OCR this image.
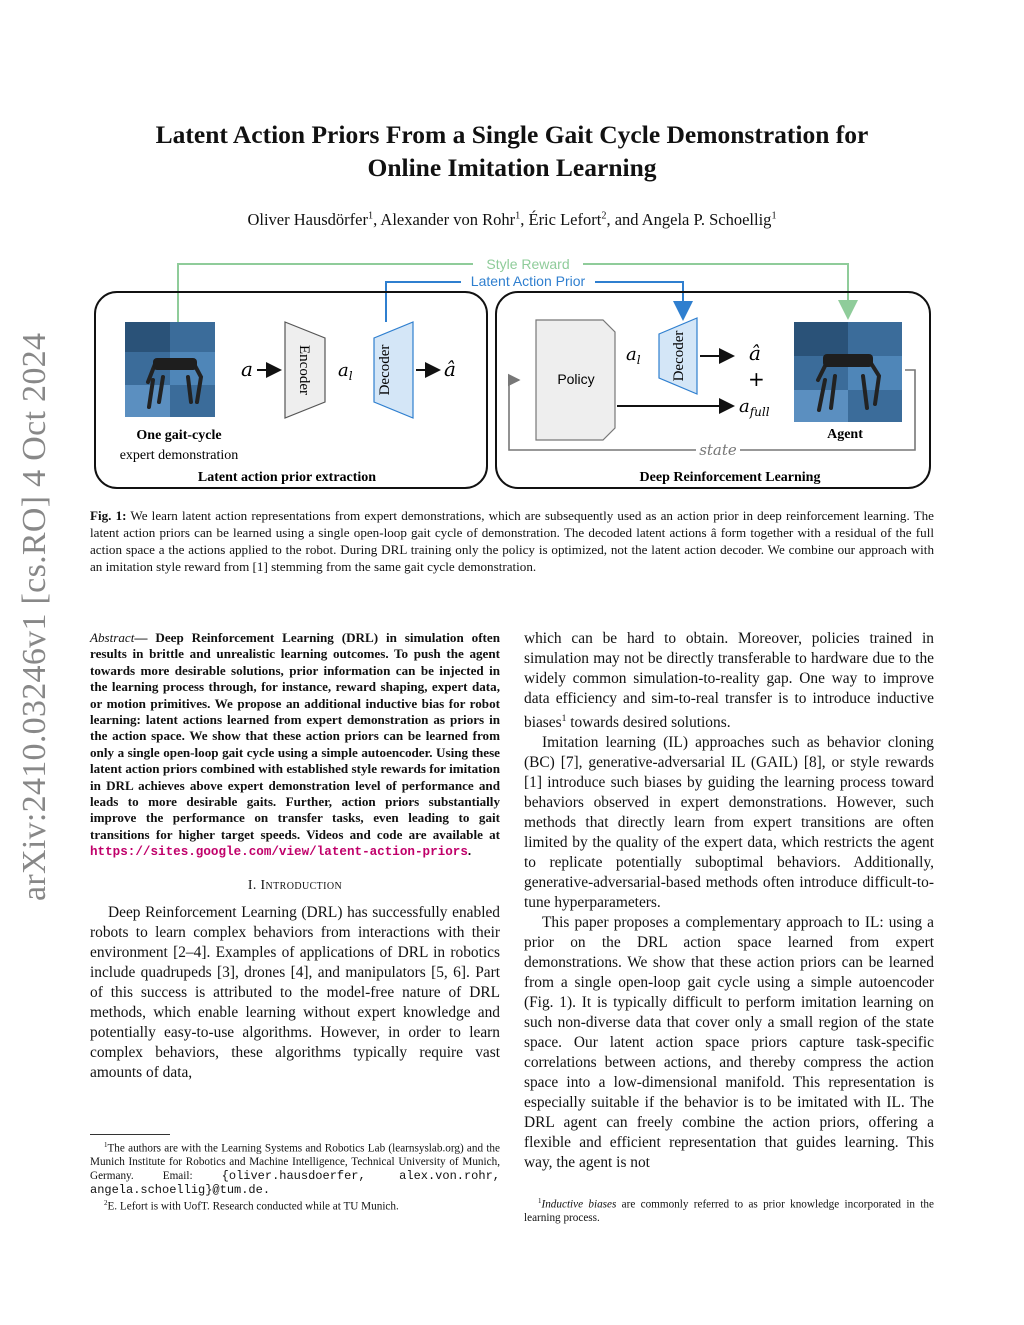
arXiv:2410.03246v1 [cs.RO] 4 Oct 2024
Latent Action Priors From a Single Gait Cycle Demonstration for
Online Imitation Learning
Oliver Hausdörfer$^1$, Alexander von Rohr$^1$, Éric Lefort$^2$, and Angela P. Schoellig$^1$
Style Reward
Latent Action Prior
a	Encoder $a_l$ Decoder	â
One gait-cycle
expert demonstration
Latent action prior extraction
Policy
$a_l$ Decoder	â
+
$a_{full}$
Agent
state
Deep Reinforcement Learning
Fig. 1: We learn latent action representations from expert demonstrations, which are subsequently used as an action prior in deep reinforcement learning. The latent action priors can be learned using a single open-loop gait cycle of demonstration. The decoded latent actions â form together with a residual of the full action space a the actions applied to the robot. During DRL training only the policy is optimized, not the latent action decoder. We combine our approach with an imitation style reward from [1] stemming from the same gait cycle demonstration.

Abstract— Deep Reinforcement Learning (DRL) in simulation often results in brittle and unrealistic learning outcomes. To push the agent towards more desirable solutions, prior information can be injected in the learning process through, for instance, reward shaping, expert data, or motion primitives. We propose an additional inductive bias for robot learning: latent actions learned from expert demonstration as priors in the action space. We show that these action priors can be learned from only a single open-loop gait cycle using a simple autoencoder. Using these latent action priors combined with established style rewards for imitation in DRL achieves above expert demonstration level of performance and leads to more desirable gaits. Further, action priors substantially improve the performance on transfer tasks, even leading to gait transitions for higher target speeds. Videos and code are available at https://sites.google.com/view/latent-action-priors.

I. Introduction

Deep Reinforcement Learning (DRL) has successfully enabled robots to learn complex behaviors from interactions with their environment [2–4]. Examples of applications of DRL in robotics include quadrupeds [3], drones [4], and manipulators [5, 6]. Part of this success is attributed to the model-free nature of DRL methods, which enable learning without expert knowledge and potentially easy-to-use algorithms. However, in order to learn complex behaviors, these algorithms typically require vast amounts of data,

$^1$The authors are with the Learning Systems and Robotics Lab (learnsyslab.org) and the Munich Institute for Robotics and Machine Intelligence, Technical University of Munich, Germany. Email: {oliver.hausdoerfer, alex.von.rohr, angela.schoellig}@tum.de.
$^2$E. Lefort is with UofT. Research conducted while at TU Munich.

which can be hard to obtain. Moreover, policies trained in simulation may not be directly transferable to hardware due to the widely common simulation-to-reality gap. One way to improve data efficiency and sim-to-real transfer is to introduce inductive biases$^1$ towards desired solutions.

Imitation learning (IL) approaches such as behavior cloning (BC) [7], generative-adversarial IL (GAIL) [8], or style rewards [1] introduce such biases by guiding the learning process toward behaviors observed in expert demonstrations. However, such methods that directly learn from expert transitions are often limited by the quality of the expert data, which restricts the agent to replicate potentially suboptimal behaviors. Additionally, generative-adversarial-based methods often introduce difficult-to-tune hyperparameters.

This paper proposes a complementary approach to IL: using a prior on the DRL action space learned from expert demonstrations. We show that these action priors can be learned from a single open-loop gait cycle using a simple autoencoder (Fig. 1). It is typically difficult to perform imitation learning on such non-diverse data that cover only a small region of the state space. Our latent action space priors capture task-specific correlations between actions, and thereby compress the action space into a low-dimensional manifold. This representation is especially suitable if the behavior is to be imitated with IL. The DRL agent can freely combine the action priors, offering a flexible and efficient representation that guides learning. This way, the agent is not

$^1$Inductive biases are commonly referred to as prior knowledge incorporated in the learning process.
